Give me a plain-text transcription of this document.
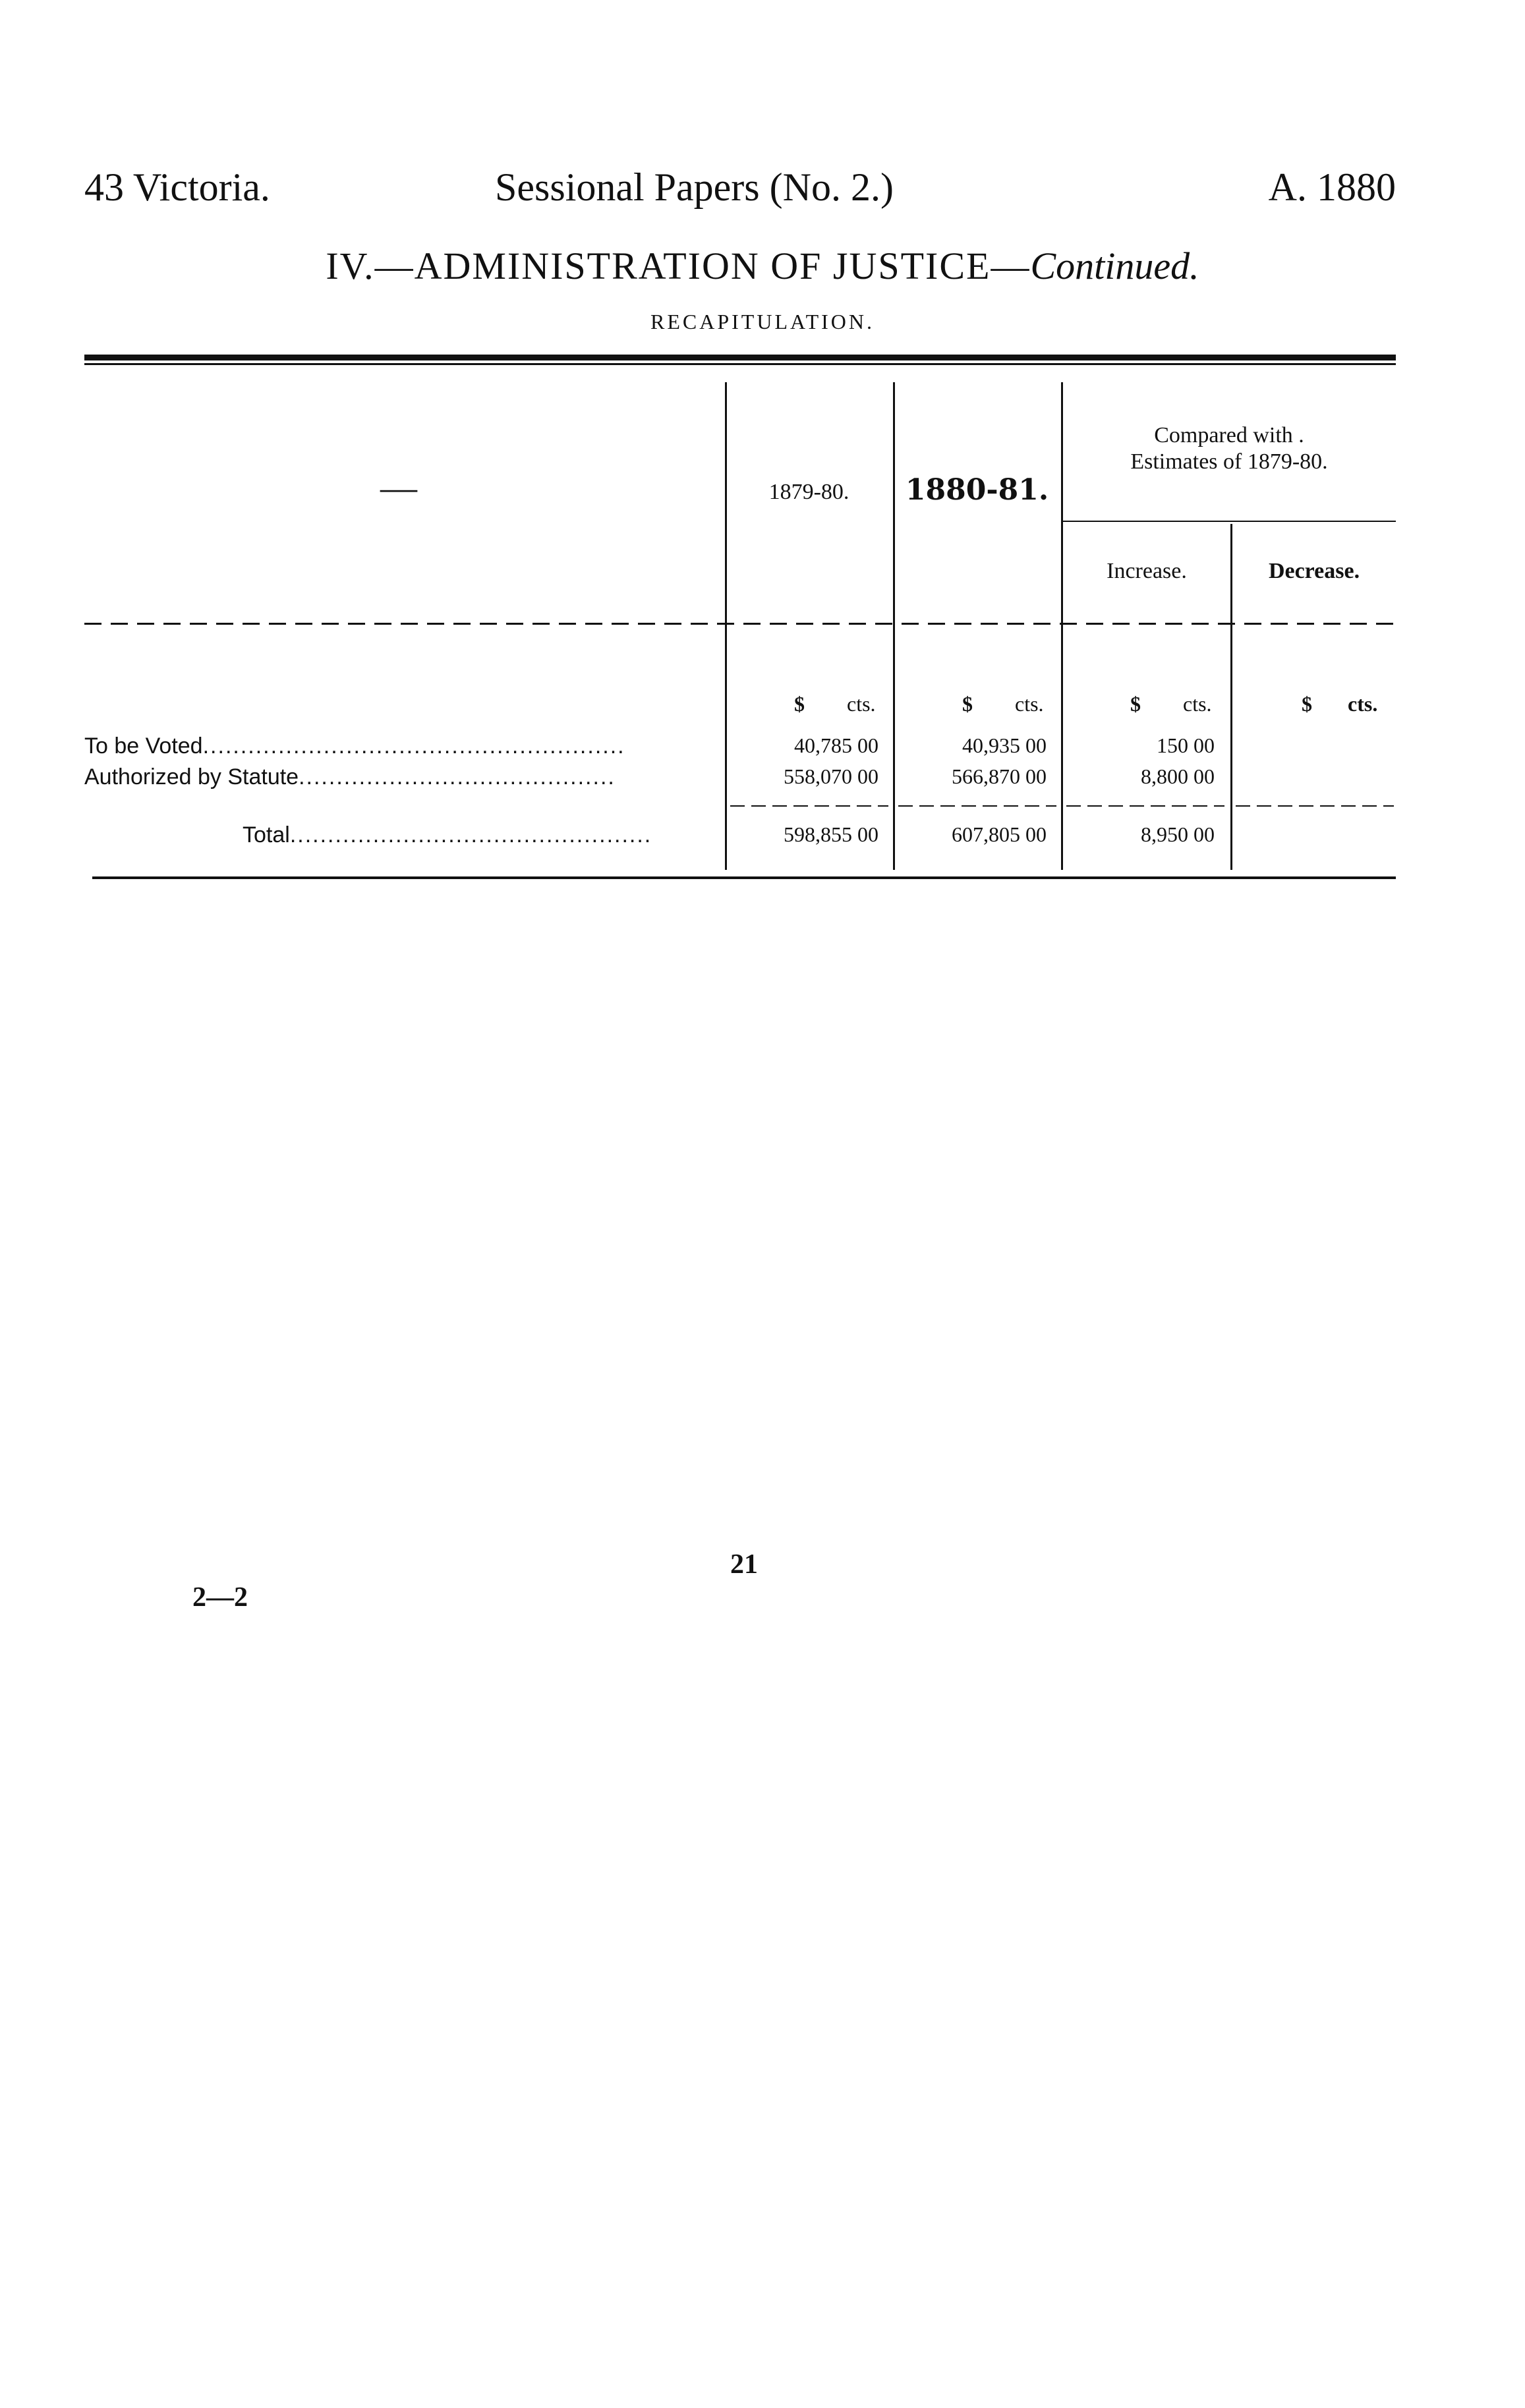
43 Victoria.	Sessional Papers (No. 2.)	A. 1880
IV.—ADMINISTRATION OF JUSTICE—Continued.
RECAPITULATION.
—	1879-80.	1880-81.
Compared with .
Estimates of 1879-80.
Increase.	Decrease.
$ cts.	$ cts.	$ cts.	$ cts.
To be Voted........................................................	40,785 00	40,935 00	150 00
Authorized by Statute..........................................	558,070 00	566,870 00	8,800 00
Total................................................	598,855 00	607,805 00	8,950 00
21
2—2
